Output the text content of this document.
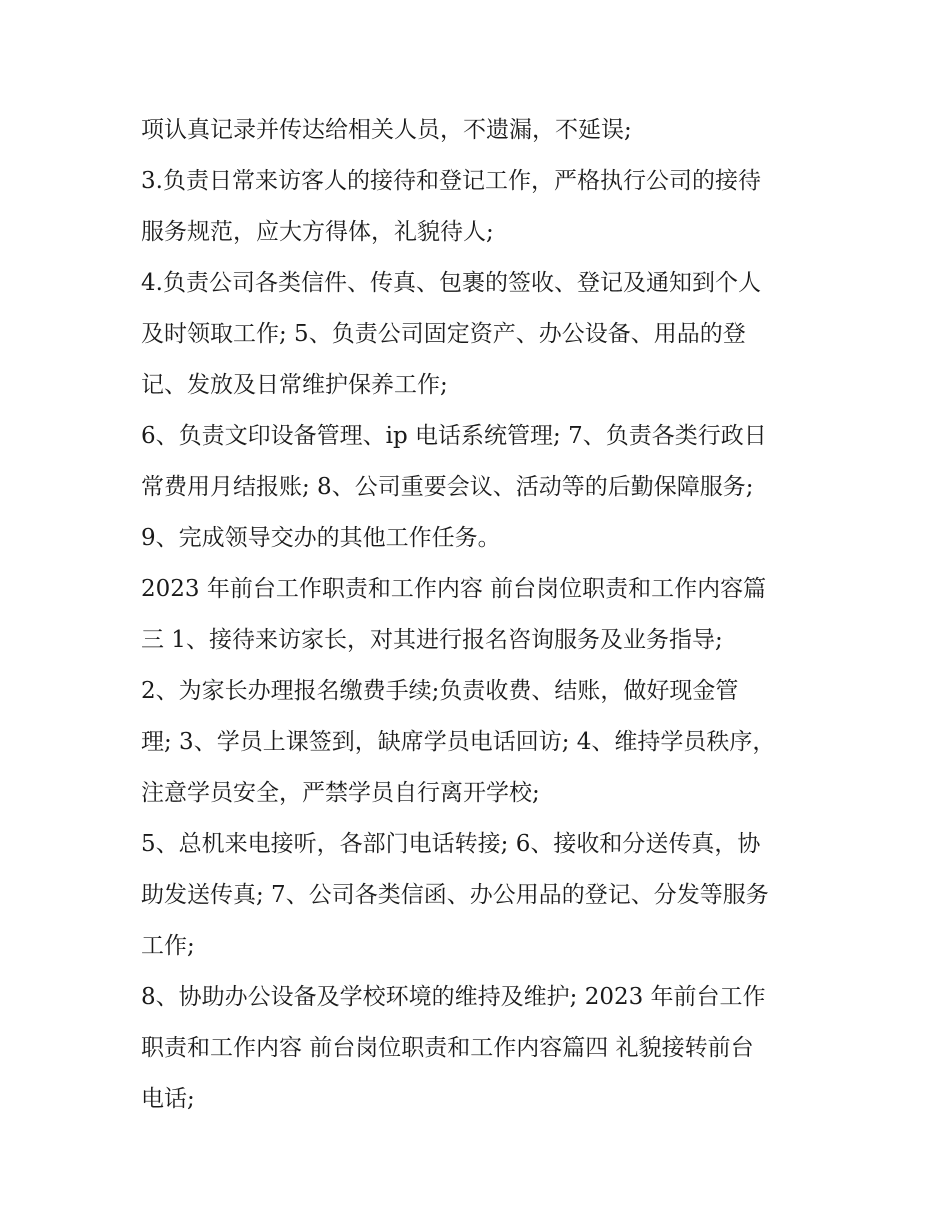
项认真记录并传达给相关人员，不遗漏，不延误;

3.负责日常来访客人的接待和登记工作，严格执行公司的接待

服务规范，应大方得体，礼貌待人;

4.负责公司各类信件、传真、包裹的签收、登记及通知到个人

及时领取工作; 5、负责公司固定资产、办公设备、用品的登

记、发放及日常维护保养工作;

6、负责文印设备管理、ip 电话系统管理; 7、负责各类行政日

常费用月结报账; 8、公司重要会议、活动等的后勤保障服务;

9、完成领导交办的其他工作任务。

2023 年前台工作职责和工作内容 前台岗位职责和工作内容篇

三 1、接待来访家长，对其进行报名咨询服务及业务指导;

2、为家长办理报名缴费手续;负责收费、结账，做好现金管

理; 3、学员上课签到，缺席学员电话回访; 4、维持学员秩序，

注意学员安全，严禁学员自行离开学校;

5、总机来电接听，各部门电话转接; 6、接收和分送传真，协

助发送传真; 7、公司各类信函、办公用品的登记、分发等服务

工作;

8、协助办公设备及学校环境的维持及维护; 2023 年前台工作

职责和工作内容 前台岗位职责和工作内容篇四 礼貌接转前台

电话;
